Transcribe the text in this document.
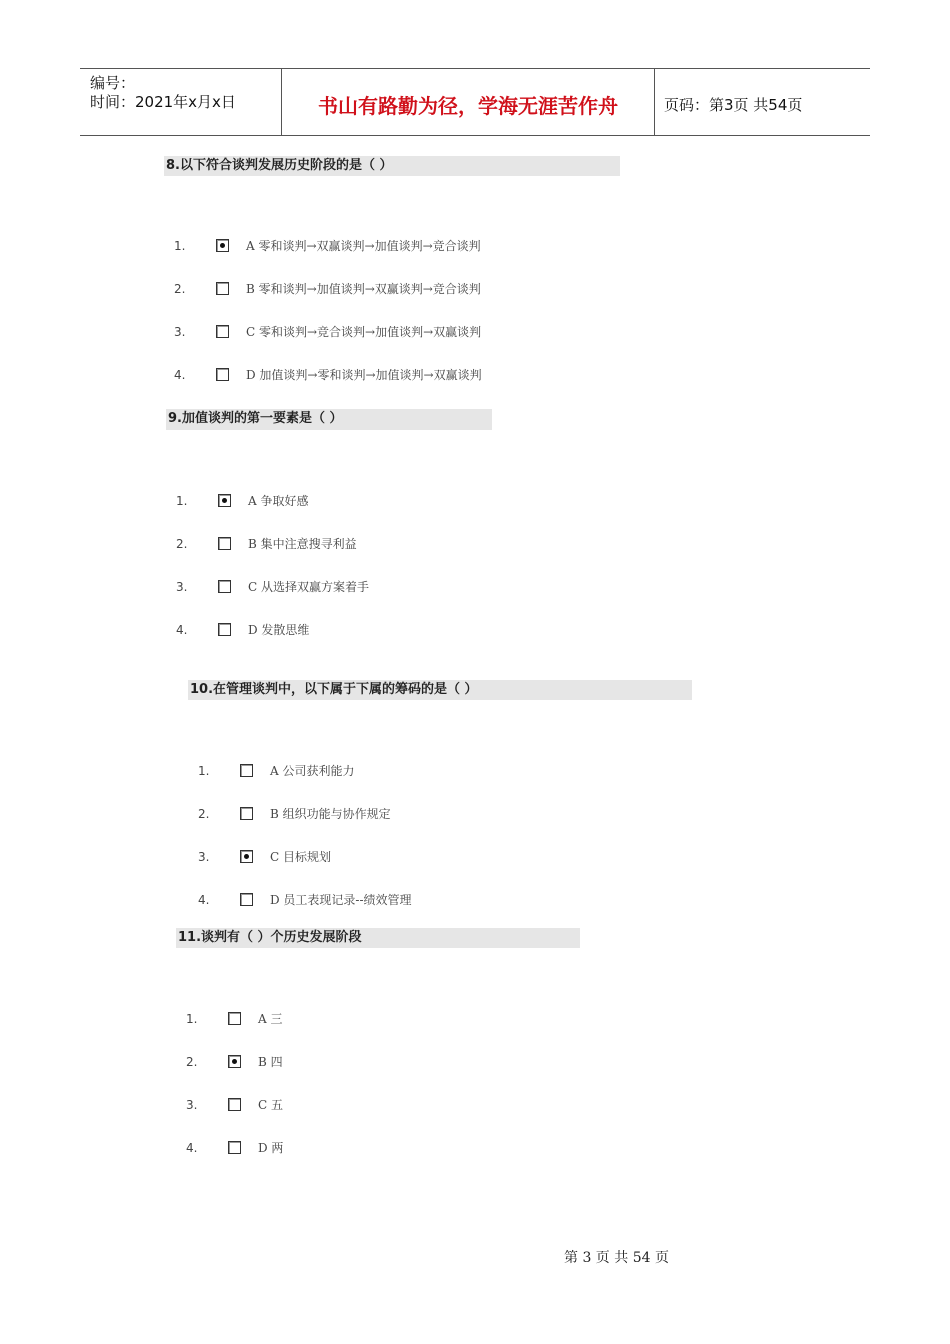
编号：
时间：2021年x月x日	书山有路勤为径，学海无涯苦作舟	页码：第3页 共54页
8.以下符合谈判发展历史阶段的是（ ）
1.	A 零和谈判→双赢谈判→加值谈判→竞合谈判
2.	B 零和谈判→加值谈判→双赢谈判→竞合谈判
3.	C 零和谈判→竞合谈判→加值谈判→双赢谈判
4.	D 加值谈判→零和谈判→加值谈判→双赢谈判
9.加值谈判的第一要素是（ ）
1.	A 争取好感
2.	B 集中注意搜寻利益
3.	C 从选择双赢方案着手
4.	D 发散思维
10.在管理谈判中，以下属于下属的筹码的是（ ）
1.	A 公司获利能力
2.	B 组织功能与协作规定
3.	C 目标规划
4.	D 员工表现记录--绩效管理
11.谈判有（ ）个历史发展阶段
1.	A 三
2.	B 四
3.	C 五
4.	D 两
第 3 页 共 54 页
